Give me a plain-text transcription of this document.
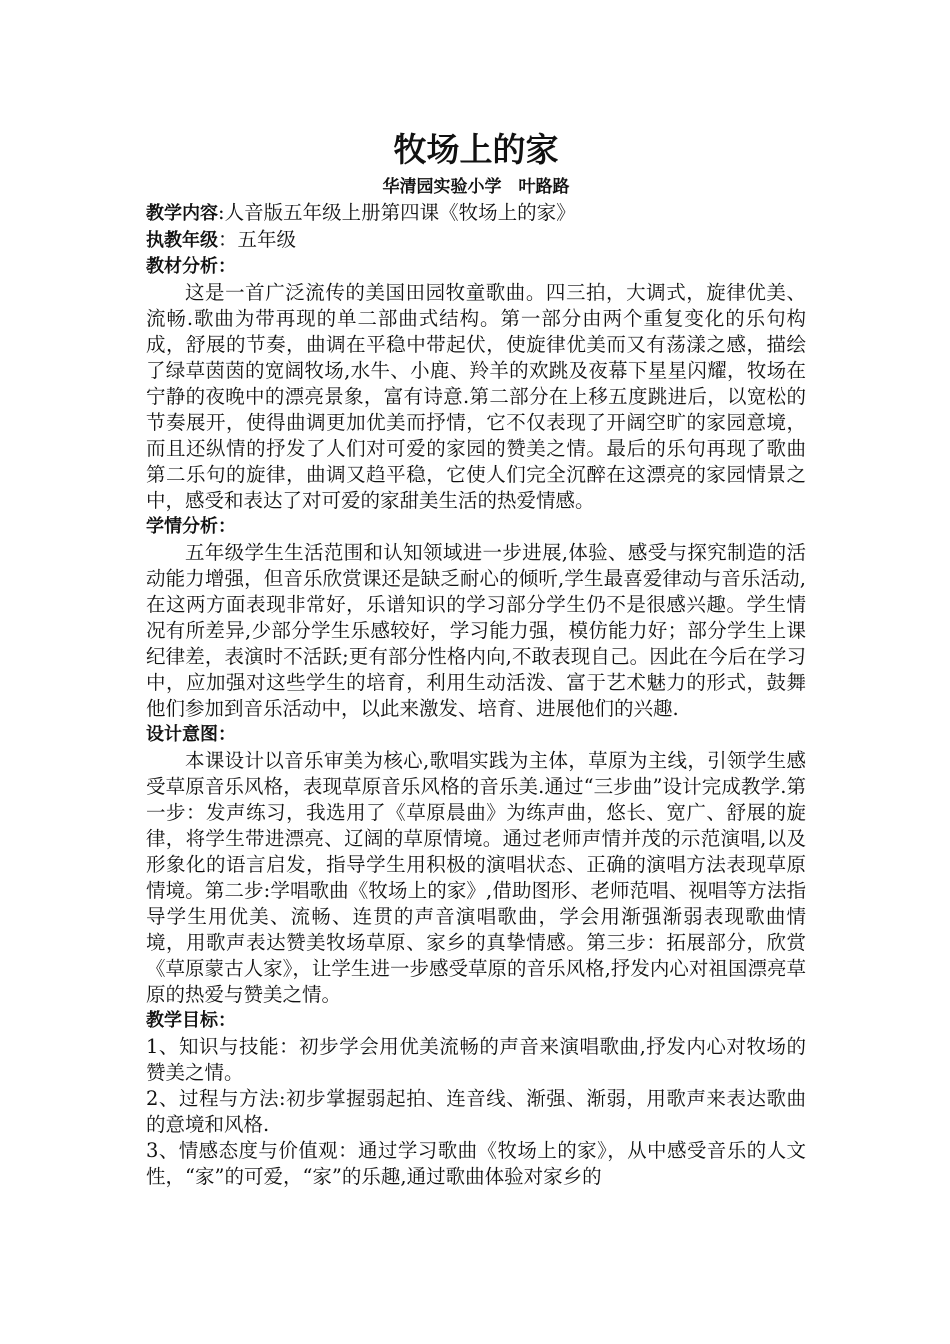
牧场上的家

华清园实验小学　叶路路

教学内容:人音版五年级上册第四课《牧场上的家》

执教年级：五年级

教材分析：

这是一首广泛流传的美国田园牧童歌曲。四三拍，大调式，旋律优美、流畅.歌曲为带再现的单二部曲式结构。第一部分由两个重复变化的乐句构成，舒展的节奏，曲调在平稳中带起伏，使旋律优美而又有荡漾之感，描绘了绿草茵茵的宽阔牧场,水牛、小鹿、羚羊的欢跳及夜幕下星星闪耀，牧场在宁静的夜晚中的漂亮景象，富有诗意.第二部分在上移五度跳进后，以宽松的节奏展开，使得曲调更加优美而抒情，它不仅表现了开阔空旷的家园意境，而且还纵情的抒发了人们对可爱的家园的赞美之情。最后的乐句再现了歌曲第二乐句的旋律，曲调又趋平稳，它使人们完全沉醉在这漂亮的家园情景之中，感受和表达了对可爱的家甜美生活的热爱情感。

学情分析：

五年级学生生活范围和认知领域进一步进展,体验、感受与探究制造的活动能力增强，但音乐欣赏课还是缺乏耐心的倾听,学生最喜爱律动与音乐活动,在这两方面表现非常好，乐谱知识的学习部分学生仍不是很感兴趣。学生情况有所差异,少部分学生乐感较好，学习能力强，模仿能力好；部分学生上课纪律差，表演时不活跃;更有部分性格内向,不敢表现自己。因此在今后在学习中，应加强对这些学生的培育，利用生动活泼、富于艺术魅力的形式，鼓舞他们参加到音乐活动中，以此来激发、培育、进展他们的兴趣.

设计意图：

本课设计以音乐审美为核心,歌唱实践为主体，草原为主线，引领学生感受草原音乐风格，表现草原音乐风格的音乐美.通过“三步曲”设计完成教学.第一步：发声练习，我选用了《草原晨曲》为练声曲，悠长、宽广、舒展的旋律，将学生带进漂亮、辽阔的草原情境。通过老师声情并茂的示范演唱,以及形象化的语言启发，指导学生用积极的演唱状态、正确的演唱方法表现草原情境。第二步:学唱歌曲《牧场上的家》,借助图形、老师范唱、视唱等方法指导学生用优美、流畅、连贯的声音演唱歌曲，学会用渐强渐弱表现歌曲情境，用歌声表达赞美牧场草原、家乡的真挚情感。第三步：拓展部分，欣赏《草原蒙古人家》，让学生进一步感受草原的音乐风格,抒发内心对祖国漂亮草原的热爱与赞美之情。

教学目标：

1、知识与技能：初步学会用优美流畅的声音来演唱歌曲,抒发内心对牧场的赞美之情。

2、过程与方法:初步掌握弱起拍、连音线、渐强、渐弱，用歌声来表达歌曲的意境和风格.

3、情感态度与价值观：通过学习歌曲《牧场上的家》，从中感受音乐的人文性，“家”的可爱，“家”的乐趣,通过歌曲体验对家乡的
